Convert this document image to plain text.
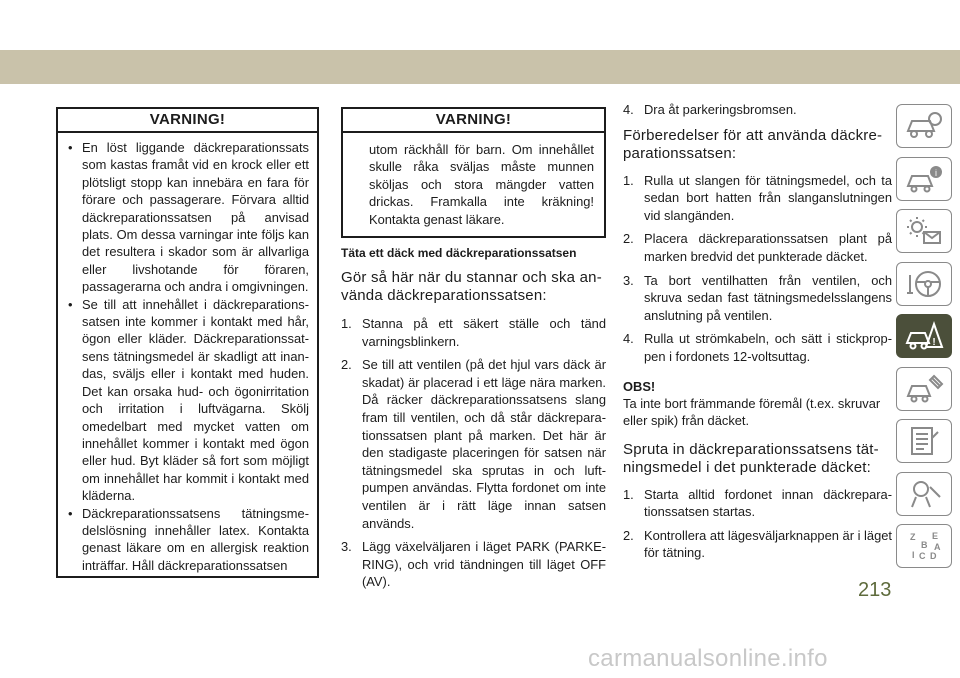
VARNING!
• En löst liggande däckreparationssats som kastas framåt vid en krock eller ett plötsligt stopp kan innebära en fara för förare och passagerare. Förvara alltid däckreparationssatsen på anvisad plats. Om dessa varningar inte följs kan det resultera i skador som är allvarliga eller livshotande för föraren, passagerarna och andra i omgivningen.
• Se till att innehållet i däckreparationssatsen inte kommer i kontakt med hår, ögon eller kläder. Däckreparationssatsens tätningsmedel är skadligt att inandas, sväljs eller i kontakt med huden. Det kan orsaka hud- och ögonirritation och irritation i luftvägarna. Skölj omedelbart med mycket vatten om innehållet kommer i kontakt med ögon eller hud. Byt kläder så fort som möjligt om innehållet har kommit i kontakt med kläderna.
• Däckreparationssatsens tätningsmedelslösning innehåller latex. Kontakta genast läkare om en allergisk reaktion inträffar. Håll däckreparationssatsen
VARNING!

utom räckhåll för barn. Om innehållet skulle råka sväljas måste munnen sköljas och stora mängder vatten drickas. Framkalla inte kräkning! Kontakta genast läkare.

Täta ett däck med däckreparationssatsen

Gör så här när du stannar och ska använda däckreparationssatsen:

1. Stanna på ett säkert ställe och tänd varningsblinkern.
2. Se till att ventilen (på det hjul vars däck är skadat) är placerad i ett läge nära marken. Då räcker däckreparationssatsens slang fram till ventilen, och då står däckreparationssatsen plant på marken. Det här är den stadigaste placeringen för satsen när tätningsmedel ska sprutas in och luftpumpen användas. Flytta fordonet om inte ventilen är i rätt läge innan satsen används.
3. Lägg växelväljaren i läget PARK (PARKERING), och vrid tändningen till läget OFF (AV).
4. Dra åt parkeringsbromsen.

Förberedelser för att använda däckreparationssatsen:

1. Rulla ut slangen för tätningsmedel, och ta sedan bort hatten från slanganslutningen vid slangänden.
2. Placera däckreparationssatsen plant på marken bredvid det punkterade däcket.
3. Ta bort ventilhatten från ventilen, och skruva sedan fast tätningsmedelsslangens anslutning på ventilen.
4. Rulla ut strömkabeln, och sätt i stickproppen i fordonets 12-voltsuttag.

OBS!

Ta inte bort främmande föremål (t.ex. skruvar eller spik) från däcket.

Spruta in däckreparationssatsens tätningsmedel i det punkterade däcket:

1. Starta alltid fordonet innan däckreparationssatsen startas.
2. Kontrollera att lägesväljarknappen är i läget för tätning.
i
!
Z E
B A
I C D
213
carmanualsonline.info
